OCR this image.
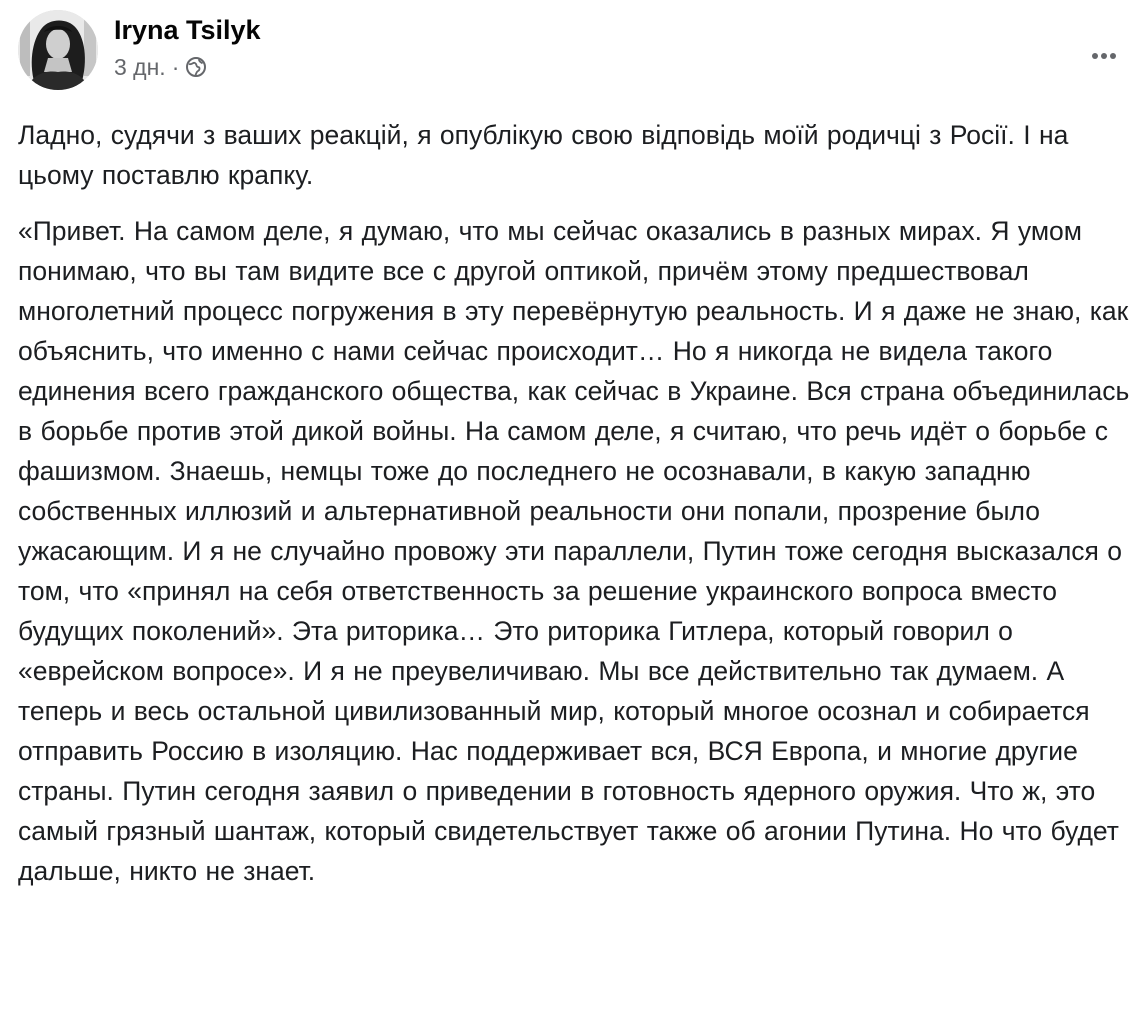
Iryna Tsilyk
3 дн. ·

Ладно, судячи з ваших реакцій, я опублікую свою відповідь моїй родичці з Росії. І на цьому поставлю крапку.

«Привет. На самом деле, я думаю, что мы сейчас оказались в разных мирах. Я умом понимаю, что вы там видите все с другой оптикой, причём этому предшествовал многолетний процесс погружения в эту перевёрнутую реальность. И я даже не знаю, как объяснить, что именно с нами сейчас происходит… Но я никогда не видела такого единения всего гражданского общества, как сейчас в Украине. Вся страна объединилась в борьбе против этой дикой войны. На самом деле, я считаю, что речь идёт о борьбе с фашизмом. Знаешь, немцы тоже до последнего не осознавали, в какую западню собственных иллюзий и альтернативной реальности они попали, прозрение было ужасающим. И я не случайно провожу эти параллели, Путин тоже сегодня высказался о том, что «принял на себя ответственность за решение украинского вопроса вместо будущих поколений». Эта риторика… Это риторика Гитлера, который говорил о «еврейском вопросе». И я не преувеличиваю. Мы все действительно так думаем. А теперь и весь остальной цивилизованный мир, который многое осознал и собирается отправить Россию в изоляцию. Нас поддерживает вся, ВСЯ Европа, и многие другие страны. Путин сегодня заявил о приведении в готовность ядерного оружия. Что ж, это самый грязный шантаж, который свидетельствует также об агонии Путина. Но что будет дальше, никто не знает.
